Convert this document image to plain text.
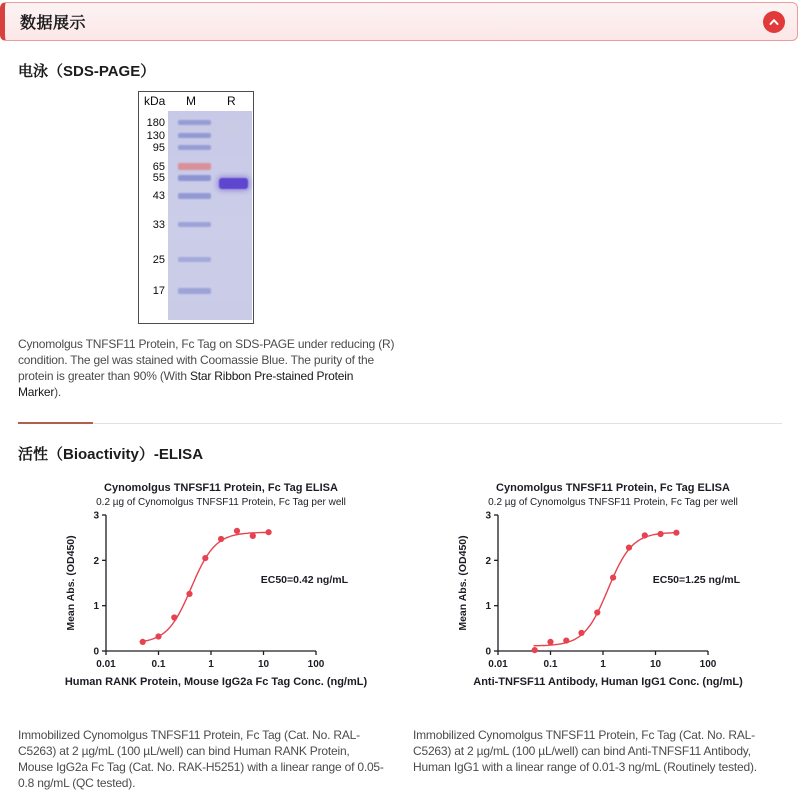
数据展示
电泳（SDS-PAGE）
kDa M	R
180
130
95
65
55
43
33
25
17

Cynomolgus TNFSF11 Protein, Fc Tag on SDS-PAGE under reducing (R) condition. The gel was stained with Coomassie Blue. The purity of the protein is greater than 90% (With Star Ribbon Pre-stained Protein Marker).

活性（Bioactivity）-ELISA
Cynomolgus TNFSF11 Protein, Fc Tag ELISA
0.2 µg of Cynomolgus TNFSF11 Protein, Fc Tag per well
0
1
2
3
0.01	0.1	1	10	100
Mean Abs. (OD450)
Human RANK Protein, Mouse IgG2a Fc Tag Conc. (ng/mL)
EC50=0.42 ng/mL
Cynomolgus TNFSF11 Protein, Fc Tag ELISA
0.2 µg of Cynomolgus TNFSF11 Protein, Fc Tag per well
0
1
2
3
0.01	0.1	1	10	100
Mean Abs. (OD450)
Anti-TNFSF11 Antibody, Human IgG1 Conc. (ng/mL)
EC50=1.25 ng/mL

Immobilized Cynomolgus TNFSF11 Protein, Fc Tag (Cat. No. RAL-C5263) at 2 µg/mL (100 µL/well) can bind Human RANK Protein, Mouse IgG2a Fc Tag (Cat. No. RAK-H5251) with a linear range of 0.05-0.8 ng/mL (QC tested).

Immobilized Cynomolgus TNFSF11 Protein, Fc Tag (Cat. No. RAL-C5263) at 2 µg/mL (100 µL/well) can bind Anti-TNFSF11 Antibody, Human IgG1 with a linear range of 0.01-3 ng/mL (Routinely tested).
